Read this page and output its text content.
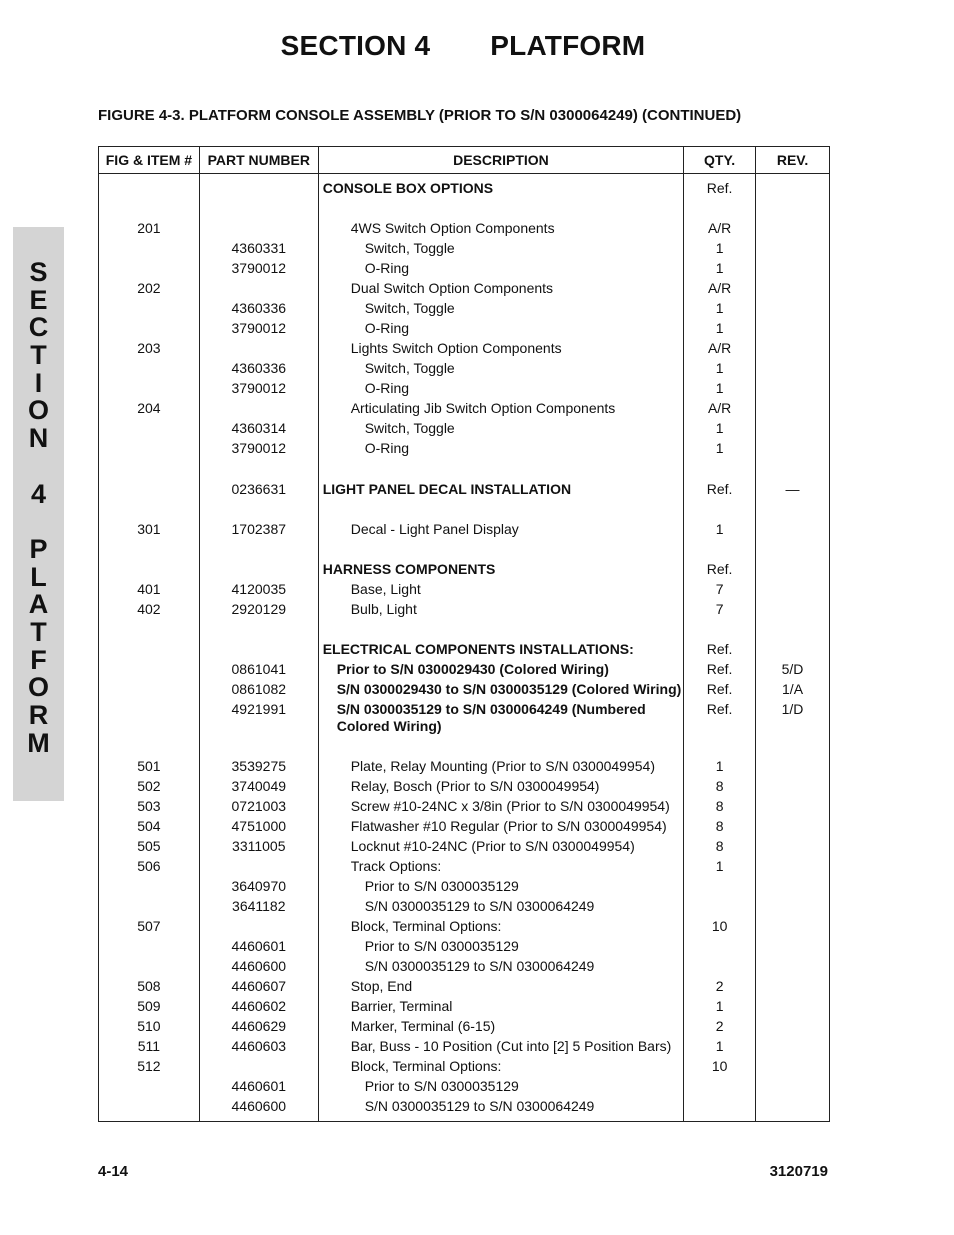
SECTION 4 PLATFORM
FIGURE 4-3. PLATFORM CONSOLE ASSEMBLY (PRIOR TO S/N 0300064249) (CONTINUED)
S
E
C
T
I
O
N
4
P
L
A
T
F
O
R
M
FIG & ITEM #	PART NUMBER	DESCRIPTION	QTY.	REV.
		CONSOLE BOX OPTIONS	Ref.	

201		4WS Switch Option Components	A/R	
	4360331	Switch, Toggle	1	
	3790012	O-Ring	1	
202		Dual Switch Option Components	A/R	
	4360336	Switch, Toggle	1	
	3790012	O-Ring	1	
203		Lights Switch Option Components	A/R	
	4360336	Switch, Toggle	1	
	3790012	O-Ring	1	
204		Articulating Jib Switch Option Components	A/R	
	4360314	Switch, Toggle	1	
	3790012	O-Ring	1	

	0236631	LIGHT PANEL DECAL INSTALLATION	Ref.	—

301	1702387	Decal - Light Panel Display	1	

		HARNESS COMPONENTS	Ref.	
401	4120035	Base, Light	7	
402	2920129	Bulb, Light	7	

		ELECTRICAL COMPONENTS INSTALLATIONS:	Ref.	
	0861041	Prior to S/N 0300029430 (Colored Wiring)	Ref.	5/D
	0861082	S/N 0300029430 to S/N 0300035129 (Colored Wiring)	Ref.	1/A
	4921991	S/N 0300035129 to S/N 0300064249 (Numbered Colored Wiring)	Ref.	1/D

501	3539275	Plate, Relay Mounting (Prior to S/N 0300049954)	1	
502	3740049	Relay, Bosch (Prior to S/N 0300049954)	8	
503	0721003	Screw #10-24NC x 3/8in (Prior to S/N 0300049954)	8	
504	4751000	Flatwasher #10 Regular (Prior to S/N 0300049954)	8	
505	3311005	Locknut #10-24NC (Prior to S/N 0300049954)	8	
506		Track Options:	1	
	3640970	Prior to S/N 0300035129		
	3641182	S/N 0300035129 to S/N 0300064249		
507		Block, Terminal Options:	10	
	4460601	Prior to S/N 0300035129		
	4460600	S/N 0300035129 to S/N 0300064249		
508	4460607	Stop, End	2	
509	4460602	Barrier, Terminal	1	
510	4460629	Marker, Terminal (6-15)	2	
511	4460603	Bar, Buss - 10 Position (Cut into [2] 5 Position Bars)	1	
512		Block, Terminal Options:	10	
	4460601	Prior to S/N 0300035129		
	4460600	S/N 0300035129 to S/N 0300064249		
4-14	3120719
